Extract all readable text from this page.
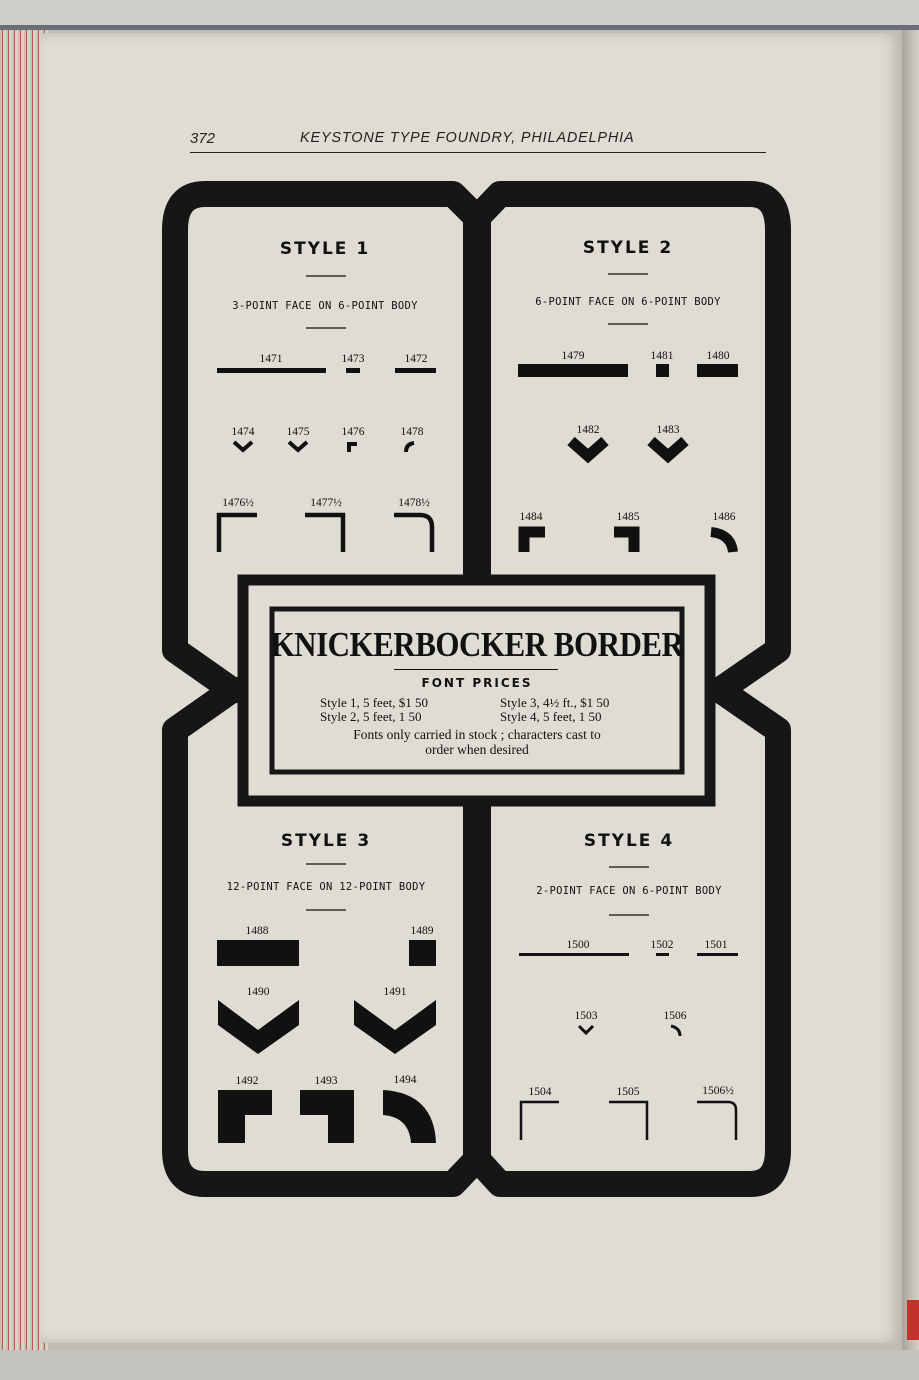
372	KEYSTONE TYPE FOUNDRY, PHILADELPHIA
STYLE 1
3-POINT FACE ON 6-POINT BODY
1471	1473	1472
1474	1475	1476	1478
1476½	1477½	1478½
STYLE 2
6-POINT FACE ON 6-POINT BODY
1479	1481	1480
1482	1483
1484	1485	1486
STYLE 3
12-POINT FACE ON 12-POINT BODY
1488	1489
1490	1491
1492	1493	1494
STYLE 4
2-POINT FACE ON 6-POINT BODY
1500	1502	1501
1503	1506
1504	1505	1506½
KNICKERBOCKER BORDER
FONT PRICES
Style 1, 5 feet, $1 50	Style 3, 4½ ft., $1 50
Style 2, 5 feet, 1 50	Style 4, 5 feet, 1 50
Fonts only carried in stock ; characters cast to
order when desired
